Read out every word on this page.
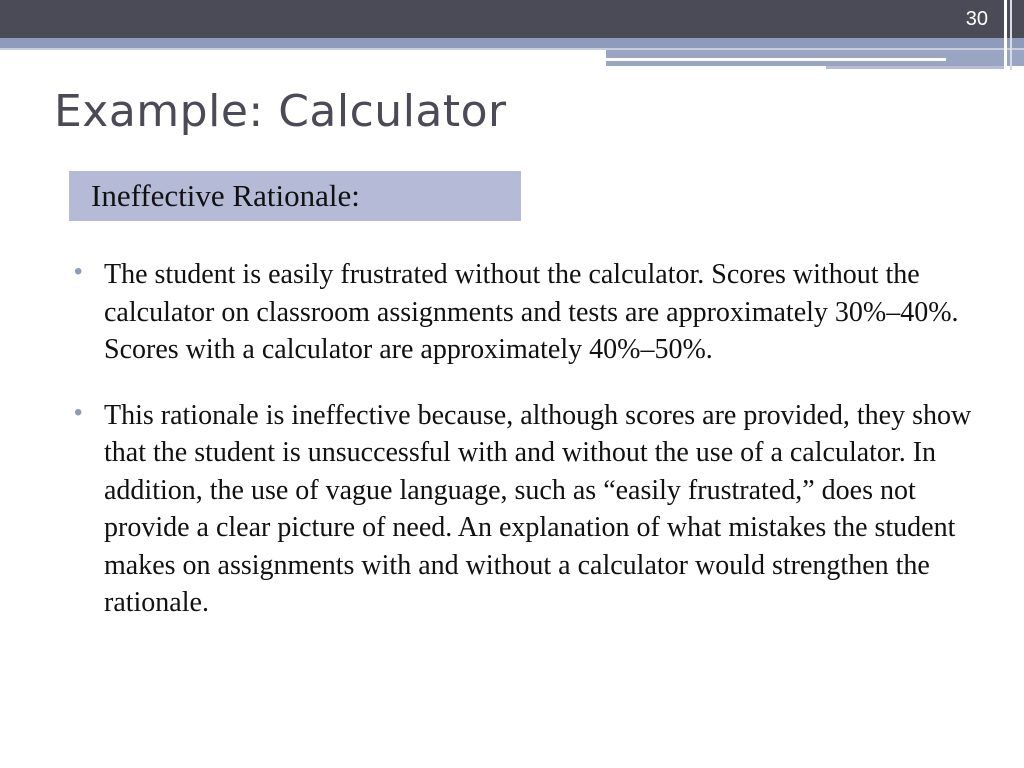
30
Example: Calculator
Ineffective Rationale:
• The student is easily frustrated without the calculator. Scores without the calculator on classroom assignments and tests are approximately 30%–40%. Scores with a calculator are approximately 40%–50%.
• This rationale is ineffective because, although scores are provided, they show that the student is unsuccessful with and without the use of a calculator. In addition, the use of vague language, such as “easily frustrated,” does not provide a clear picture of need. An explanation of what mistakes the student makes on assignments with and without a calculator would strengthen the rationale.
